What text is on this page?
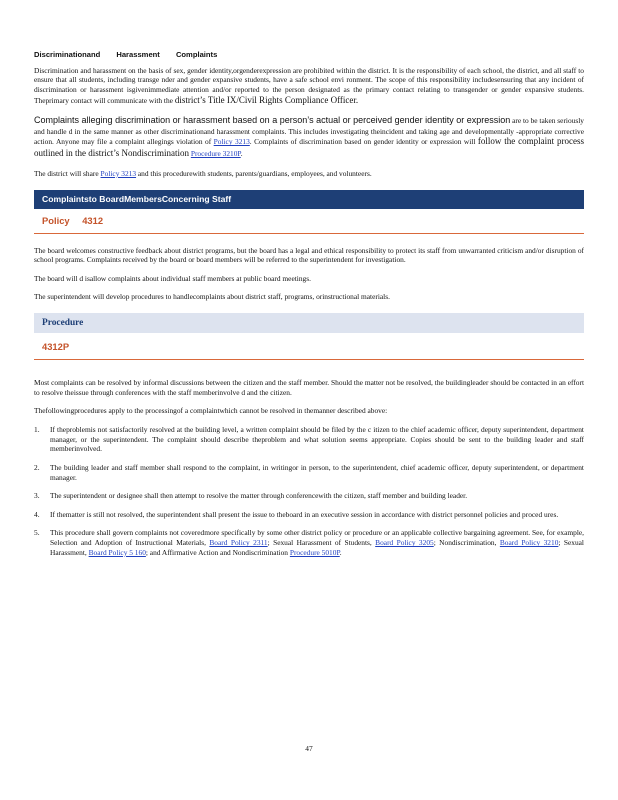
Discriminationand Harassment Complaints

Discrimination and harassment on the basis of sex, gender identity,orgenderexpression are prohibited within the district. It is the responsibility of each school, the district, and all staff to ensure that all students, including transge nder and gender expansive students, have a safe school envi ronment. The scope of this responsibility includesensuring that any incident of discrimination or harassment isgivenimmediate attention and/or reported to the person designated as the primary contact relating to transgender or gender expansive students. Theprimary contact will communicate with the district’s Title IX/Civil Rights Compliance Officer.

Complaints alleging discrimination or harassment based on a person’s actual or perceived gender identity or expression are to be taken seriously and handle d in the same manner as other discriminationand harassment complaints. This includes investigating theincident and taking age and developmentally -appropriate corrective action. Anyone may file a complaint allegings violation of Policy 3213. Complaints of discrimination based on gender identity or expression will follow the complaint process outlined in the district’s Nondiscrimination Procedure 3210P.

The district will share Policy 3213 and this procedurewith students, parents/guardians, employees, and volunteers.

Complaintsto BoardMembersConcerning Staff
Policy 4312

The board welcomes constructive feedback about district programs, but the board has a legal and ethical responsibility to protect its staff from unwarranted criticism and/or disruption of school programs. Complaints received by the board or board members will be referred to the superintendent for investigation.

The board will d isallow complaints about individual staff members at public board meetings.

The superintendent will develop procedures to handlecomplaints about district staff, programs, orinstructional materials.

Procedure
4312P

Most complaints can be resolved by informal discussions between the citizen and the staff member. Should the matter not be resolved, the buildingleader should be contacted in an effort to resolve theissue through conferences with the staff memberinvolve d and the citizen.

Thefollowingprocedures apply to the processingof a complaintwhich cannot be resolved in themanner described above:

1.	If theproblemis not satisfactorily resolved at the building level, a written complaint should be filed by the c itizen to the chief academic officer, deputy superintendent, department manager, or the superintendent. The complaint should describe theproblem and what solution seems appropriate. Copies should be sent to the building leader and staff memberinvolved.
2.	The building leader and staff member shall respond to the complaint, in writingor in person, to the superintendent, chief academic officer, deputy superintendent, or department manager.
3.	The superintendent or designee shall then attempt to resolve the matter through conferencewith the citizen, staff member and building leader.
4.	If thematter is still not resolved, the superintendent shall present the issue to theboard in an executive session in accordance with district personnel policies and proced ures.
5.	This procedure shall govern complaints not coveredmore specifically by some other district policy or procedure or an applicable collective bargaining agreement. See, for example, Selection and Adoption of Instructional Materials, Board Policy 2311; Sexual Harassment of Students, Board Policy 3205; Nondiscrimination, Board Policy 3210; Sexual Harassment, Board Policy 5 160; and Affirmative Action and Nondiscrimination Procedure 5010P.
47
